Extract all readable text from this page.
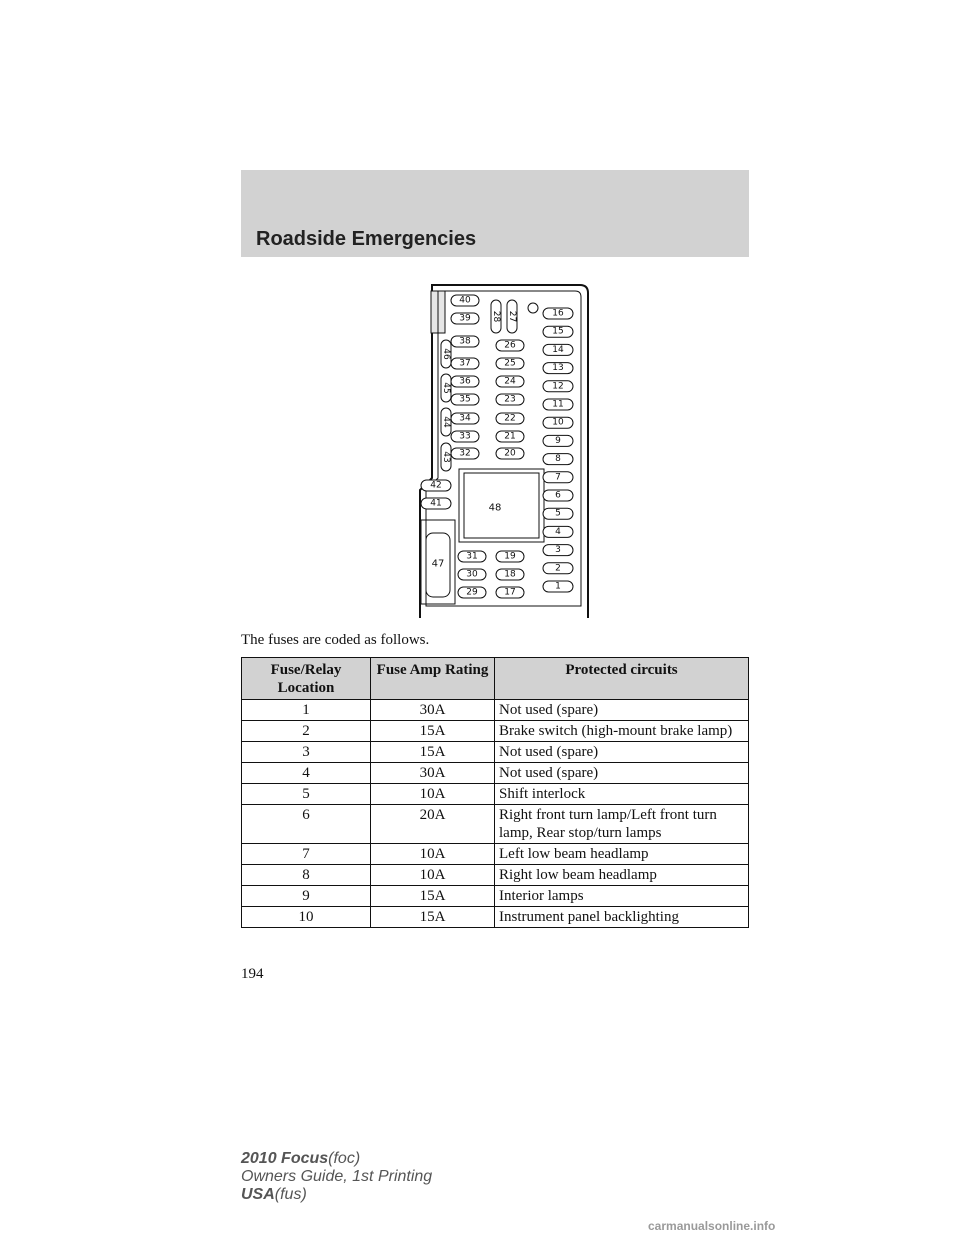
Roadside Emergencies
40
39
38
37
36
35
34
33
32
46
45
44
43
28 27
26
25
24
23
22
21
20
16
15
14
13
12
11
10
9
8
7
6
5
4
3
2
1
42
41
31
30
29
19
18
17
48
47
The fuses are coded as follows.
Fuse/Relay Location	Fuse Amp Rating	Protected circuits
1	30A	Not used (spare)
2	15A	Brake switch (high-mount brake lamp)
3	15A	Not used (spare)
4	30A	Not used (spare)
5	10A	Shift interlock
6	20A	Right front turn lamp/Left front turn lamp, Rear stop/turn lamps
7	10A	Left low beam headlamp
8	10A	Right low beam headlamp
9	15A	Interior lamps
10	15A	Instrument panel backlighting
194
2010 Focus(foc)
Owners Guide, 1st Printing
USA(fus)
carmanualsonline.info
